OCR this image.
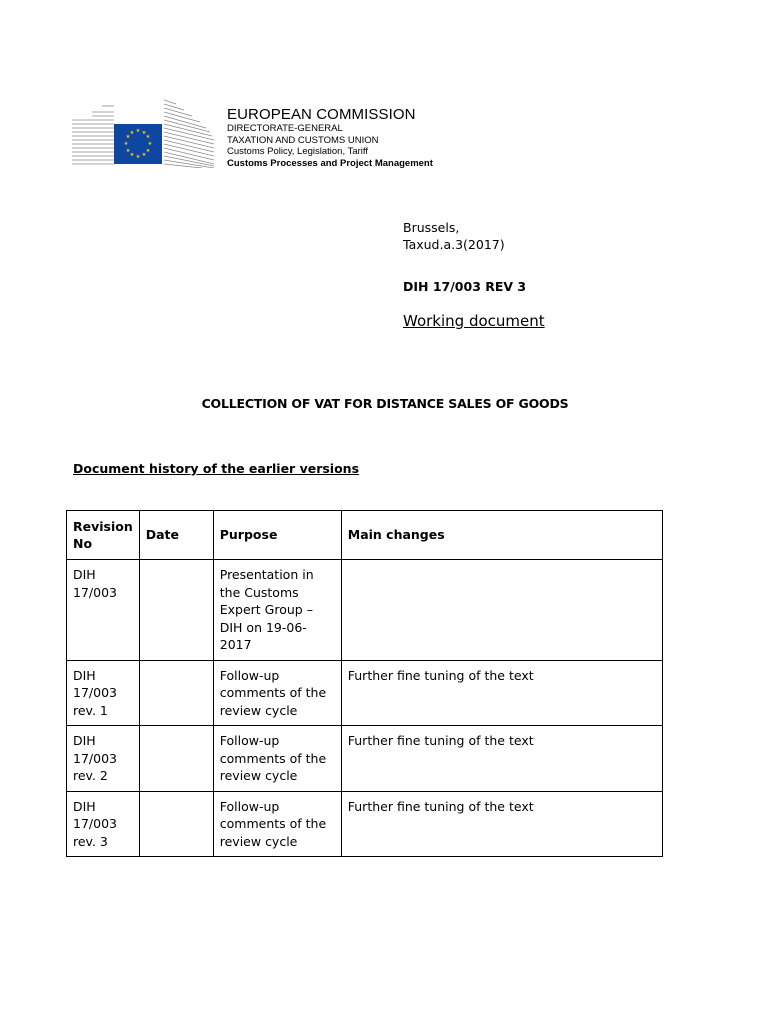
★ ★
★
★
★
★
★
★
★
★
★
★
EUROPEAN COMMISSION
DIRECTORATE-GENERAL
TAXATION AND CUSTOMS UNION
Customs Policy, Legislation, Tariff
Customs Processes and Project Management
Brussels,
Taxud.a.3(2017)
DIH 17/003 REV 3
Working document
COLLECTION OF VAT FOR DISTANCE SALES OF GOODS
Document history of the earlier versions
Revision No	Date	Purpose	Main changes
DIH 17/003		Presentation in the Customs Expert Group – DIH on 19-06-2017	
DIH 17/003 rev. 1		Follow-up comments of the review cycle	Further fine tuning of the text
DIH 17/003 rev. 2		Follow-up comments of the review cycle	Further fine tuning of the text
DIH 17/003 rev. 3		Follow-up comments of the review cycle	Further fine tuning of the text
